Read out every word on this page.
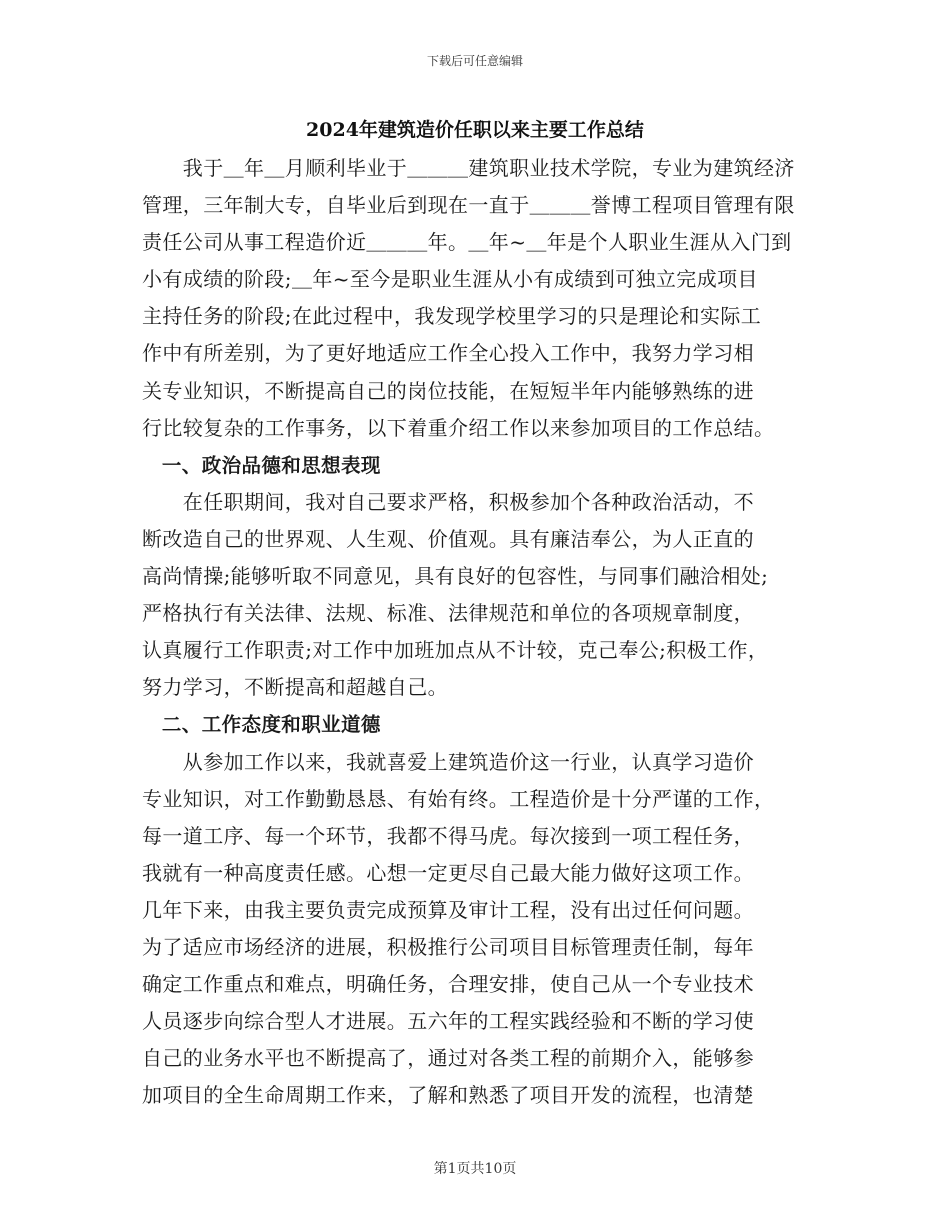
下载后可任意编辑
2024年建筑造价任职以来主要工作总结
　　我于＿年＿月顺利毕业于＿＿＿建筑职业技术学院，专业为建筑经济
管理，三年制大专，自毕业后到现在一直于＿＿＿誉博工程项目管理有限
责任公司从事工程造价近＿＿＿年。＿年~＿年是个人职业生涯从入门到
小有成绩的阶段;＿年~至今是职业生涯从小有成绩到可独立完成项目
主持任务的阶段;在此过程中，我发现学校里学习的只是理论和实际工
作中有所差别，为了更好地适应工作全心投入工作中，我努力学习相
关专业知识，不断提高自己的岗位技能，在短短半年内能够熟练的进
行比较复杂的工作事务，以下着重介绍工作以来参加项目的工作总结。
　一、政治品德和思想表现
　　在任职期间，我对自己要求严格，积极参加个各种政治活动，不
断改造自己的世界观、人生观、价值观。具有廉洁奉公，为人正直的
高尚情操;能够听取不同意见，具有良好的包容性，与同事们融洽相处;
严格执行有关法律、法规、标准、法律规范和单位的各项规章制度，
认真履行工作职责;对工作中加班加点从不计较，克己奉公;积极工作，
努力学习，不断提高和超越自己。
　二、工作态度和职业道德
　　从参加工作以来，我就喜爱上建筑造价这一行业，认真学习造价
专业知识，对工作勤勤恳恳、有始有终。工程造价是十分严谨的工作，
每一道工序、每一个环节，我都不得马虎。每次接到一项工程任务，
我就有一种高度责任感。心想一定更尽自己最大能力做好这项工作。
几年下来，由我主要负责完成预算及审计工程，没有出过任何问题。
为了适应市场经济的进展，积极推行公司项目目标管理责任制，每年
确定工作重点和难点，明确任务，合理安排，使自己从一个专业技术
人员逐步向综合型人才进展。五六年的工程实践经验和不断的学习使
自己的业务水平也不断提高了，通过对各类工程的前期介入，能够参
加项目的全生命周期工作来，了解和熟悉了项目开发的流程，也清楚
第1页共10页
